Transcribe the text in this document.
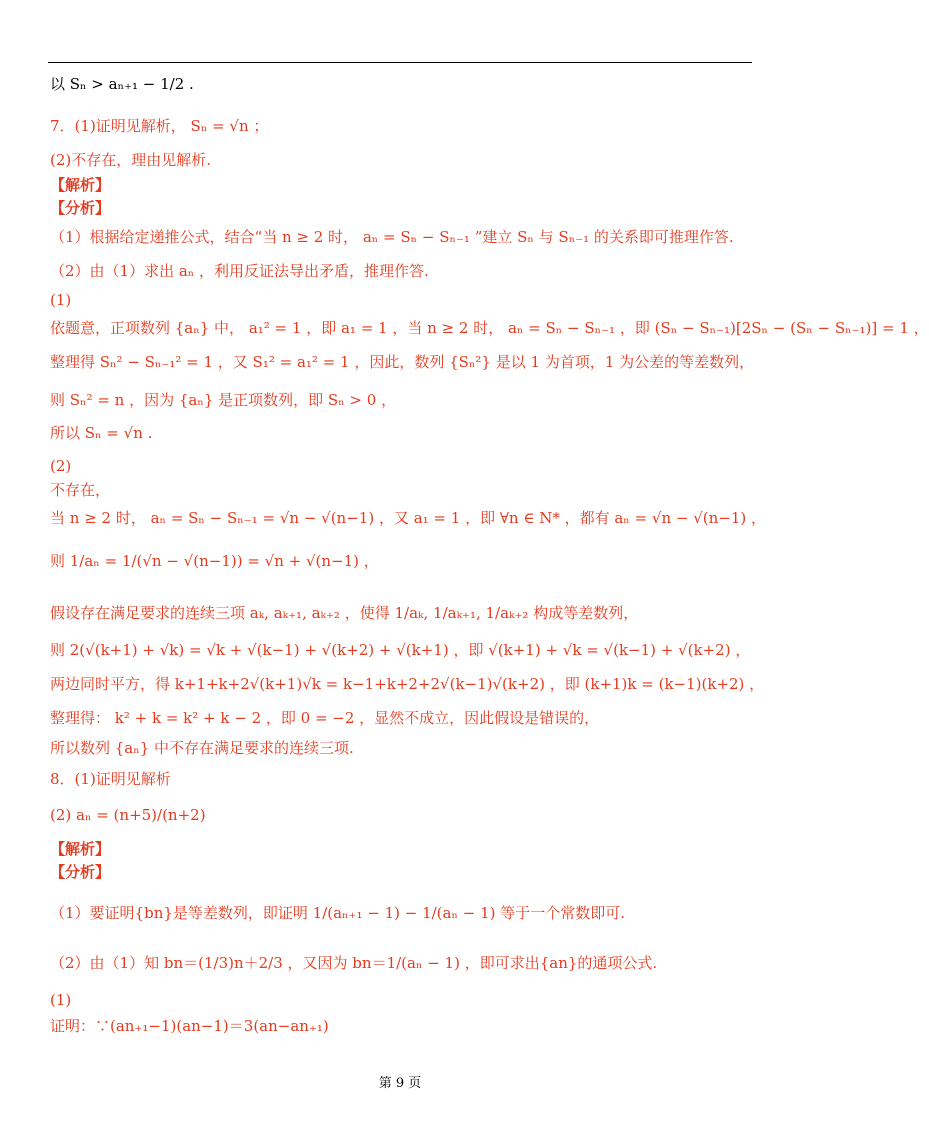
以 Sₙ > aₙ₊₁ − 1/2 .
7．(1)证明见解析， Sₙ = √n ；
(2)不存在，理由见解析.
【解析】
【分析】
（1）根据给定递推公式，结合“当 n ≥ 2 时， aₙ = Sₙ − Sₙ₋₁ ”建立 Sₙ 与 Sₙ₋₁ 的关系即可推理作答.
（2）由（1）求出 aₙ ，利用反证法导出矛盾，推理作答.
(1)
依题意，正项数列 {aₙ} 中， a₁² = 1 ，即 a₁ = 1 ，当 n ≥ 2 时， aₙ = Sₙ − Sₙ₋₁ ，即 (Sₙ − Sₙ₋₁)[2Sₙ − (Sₙ − Sₙ₋₁)] = 1 ，
整理得 Sₙ² − Sₙ₋₁² = 1 ，又 S₁² = a₁² = 1 ，因此，数列 {Sₙ²} 是以 1 为首项，1 为公差的等差数列，
则 Sₙ² = n ，因为 {aₙ} 是正项数列，即 Sₙ > 0 ，
所以 Sₙ = √n .
(2)
不存在，
当 n ≥ 2 时， aₙ = Sₙ − Sₙ₋₁ = √n − √(n−1) ，又 a₁ = 1 ，即 ∀n ∈ N* ，都有 aₙ = √n − √(n−1) ，
则 1/aₙ = 1/(√n − √(n−1)) = √n + √(n−1) ，
假设存在满足要求的连续三项 aₖ, aₖ₊₁, aₖ₊₂ ，使得 1/aₖ, 1/aₖ₊₁, 1/aₖ₊₂ 构成等差数列，
则 2(√(k+1) + √k) = √k + √(k−1) + √(k+2) + √(k+1) ，即 √(k+1) + √k = √(k−1) + √(k+2) ，
两边同时平方，得 k+1+k+2√(k+1)√k = k−1+k+2+2√(k−1)√(k+2) ，即 (k+1)k = (k−1)(k+2) ，
整理得： k² + k = k² + k − 2 ，即 0 = −2 ，显然不成立，因此假设是错误的，
所以数列 {aₙ} 中不存在满足要求的连续三项.
8．(1)证明见解析
(2) aₙ = (n+5)/(n+2)
【解析】
【分析】
（1）要证明{bn}是等差数列，即证明 1/(aₙ₊₁ − 1) − 1/(aₙ − 1) 等于一个常数即可.
（2）由（1）知 bn＝(1/3)n＋2/3 ，又因为 bn＝1/(aₙ − 1) ，即可求出{an}的通项公式.
(1)
证明：∵(an₊₁−1)(an−1)＝3(an−an₊₁)
第 9 页
